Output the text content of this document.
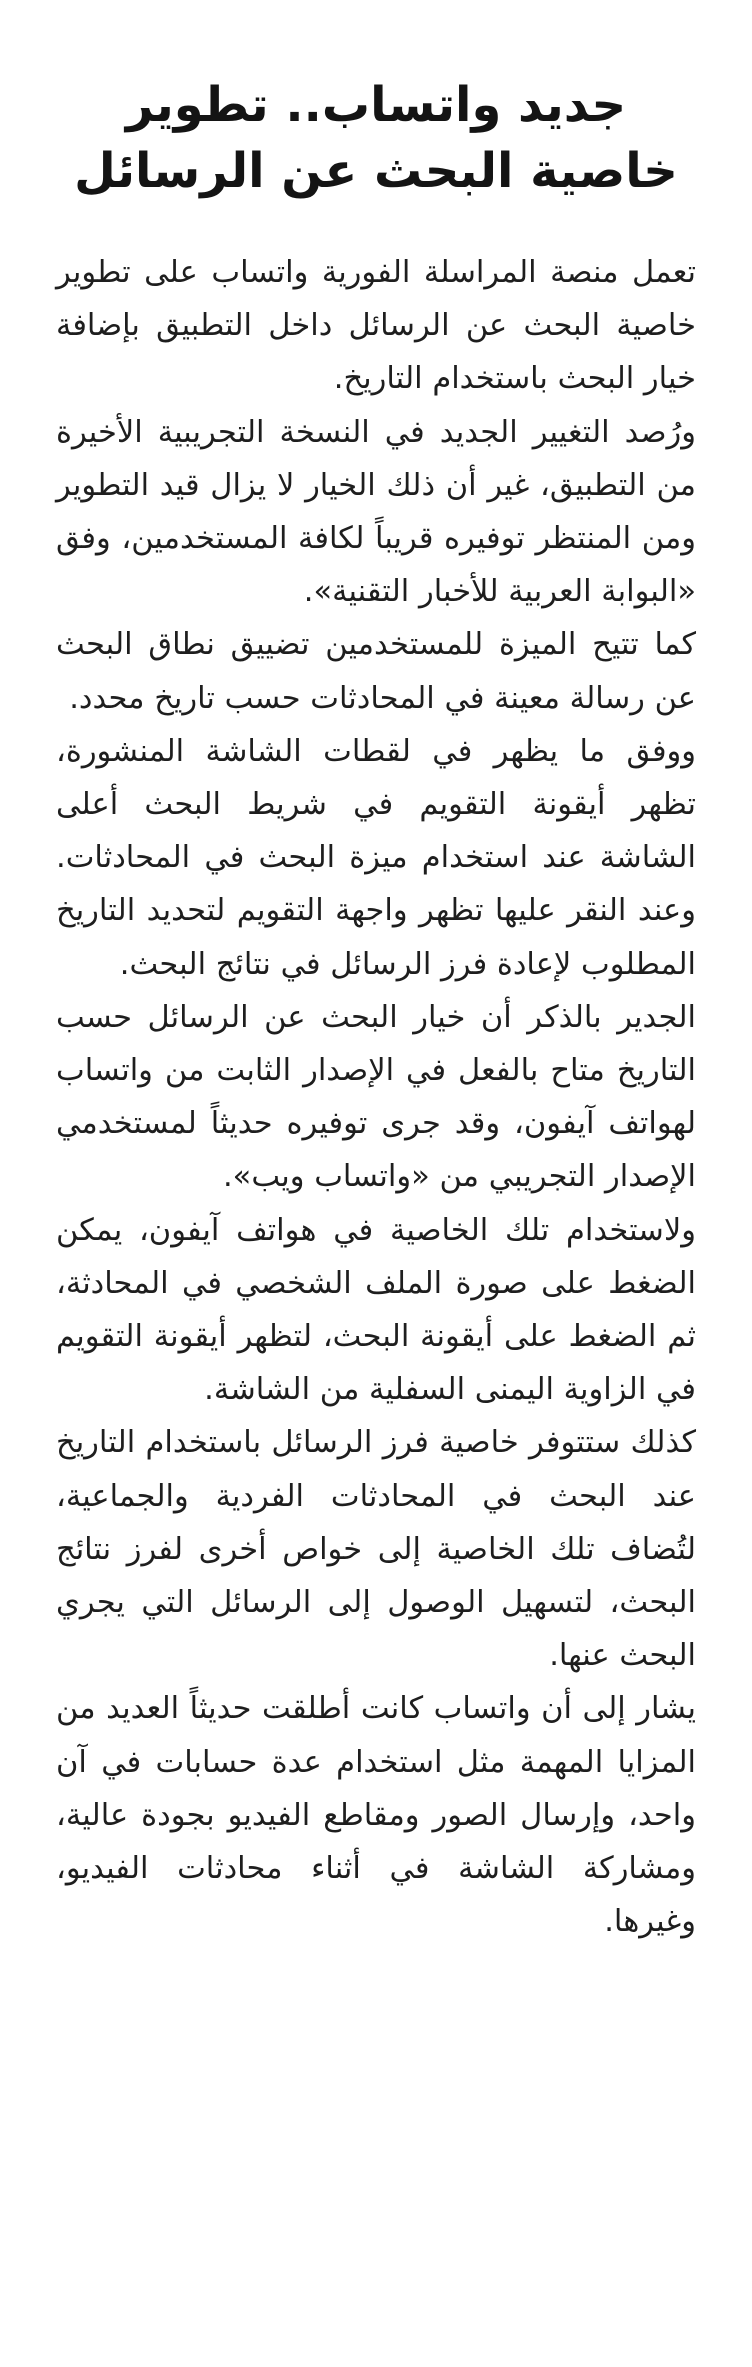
جديد واتساب.. تطوير
خاصية البحث عن الرسائل

تعمل منصة المراسلة الفورية واتساب على تطوير خاصية البحث عن الرسائل داخل التطبيق بإضافة خيار البحث باستخدام التاريخ.

ورُصد التغيير الجديد في النسخة التجريبية الأخيرة من التطبيق، غير أن ذلك الخيار لا يزال قيد التطوير ومن المنتظر توفيره قريباً لكافة المستخدمين، وفق «البوابة العربية للأخبار التقنية».

كما تتيح الميزة للمستخدمين تضييق نطاق البحث عن رسالة معينة في المحادثات حسب تاريخ محدد.

ووفق ما يظهر في لقطات الشاشة المنشورة، تظهر أيقونة التقويم في شريط البحث أعلى الشاشة عند استخدام ميزة البحث في المحادثات. وعند النقر عليها تظهر واجهة التقويم لتحديد التاريخ المطلوب لإعادة فرز الرسائل في نتائج البحث.

الجدير بالذكر أن خيار البحث عن الرسائل حسب التاريخ متاح بالفعل في الإصدار الثابت من واتساب لهواتف آيفون، وقد جرى توفيره حديثاً لمستخدمي الإصدار التجريبي من «واتساب ويب».

ولاستخدام تلك الخاصية في هواتف آيفون، يمكن الضغط على صورة الملف الشخصي في المحادثة، ثم الضغط على أيقونة البحث، لتظهر أيقونة التقويم في الزاوية اليمنى السفلية من الشاشة.

كذلك ستتوفر خاصية فرز الرسائل باستخدام التاريخ عند البحث في المحادثات الفردية والجماعية، لتُضاف تلك الخاصية إلى خواص أخرى لفرز نتائج البحث، لتسهيل الوصول إلى الرسائل التي يجري البحث عنها.

يشار إلى أن واتساب كانت أطلقت حديثاً العديد من المزايا المهمة مثل استخدام عدة حسابات في آن واحد، وإرسال الصور ومقاطع الفيديو بجودة عالية، ومشاركة الشاشة في أثناء محادثات الفيديو، وغيرها.
